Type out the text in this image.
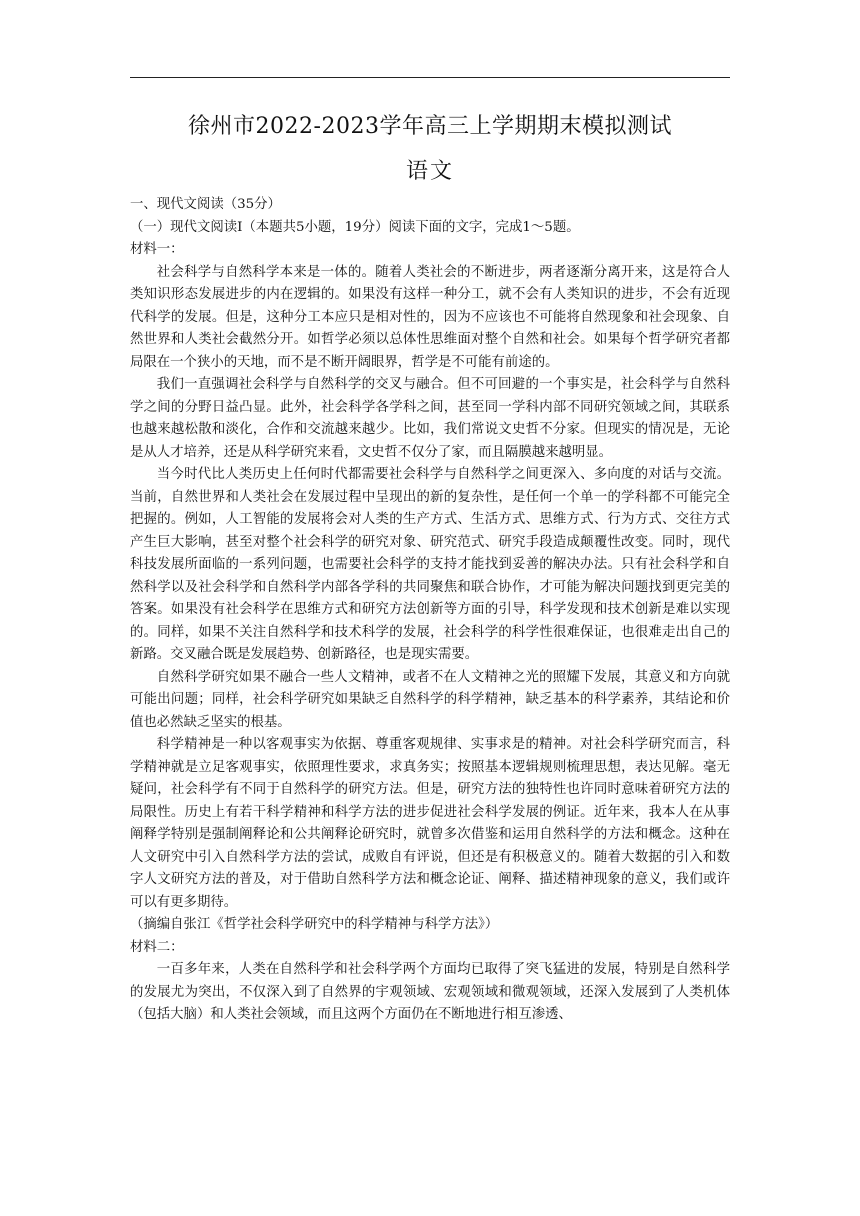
徐州市2022-2023学年高三上学期期末模拟测试
语文

一、现代文阅读（35分）

（一）现代文阅读Ⅰ（本题共5小题，19分）阅读下面的文字，完成1～5题。

材料一：

社会科学与自然科学本来是一体的。随着人类社会的不断进步，两者逐渐分离开来，这是符合人类知识形态发展进步的内在逻辑的。如果没有这样一种分工，就不会有人类知识的进步，不会有近现代科学的发展。但是，这种分工本应只是相对性的，因为不应该也不可能将自然现象和社会现象、自然世界和人类社会截然分开。如哲学必须以总体性思维面对整个自然和社会。如果每个哲学研究者都局限在一个狭小的天地，而不是不断开阔眼界，哲学是不可能有前途的。

我们一直强调社会科学与自然科学的交叉与融合。但不可回避的一个事实是，社会科学与自然科学之间的分野日益凸显。此外，社会科学各学科之间，甚至同一学科内部不同研究领域之间，其联系也越来越松散和淡化，合作和交流越来越少。比如，我们常说文史哲不分家。但现实的情况是，无论是从人才培养，还是从科学研究来看，文史哲不仅分了家，而且隔膜越来越明显。

当今时代比人类历史上任何时代都需要社会科学与自然科学之间更深入、多向度的对话与交流。当前，自然世界和人类社会在发展过程中呈现出的新的复杂性，是任何一个单一的学科都不可能完全把握的。例如，人工智能的发展将会对人类的生产方式、生活方式、思维方式、行为方式、交往方式产生巨大影响，甚至对整个社会科学的研究对象、研究范式、研究手段造成颠覆性改变。同时，现代科技发展所面临的一系列问题，也需要社会科学的支持才能找到妥善的解决办法。只有社会科学和自然科学以及社会科学和自然科学内部各学科的共同聚焦和联合协作，才可能为解决问题找到更完美的答案。如果没有社会科学在思维方式和研究方法创新等方面的引导，科学发现和技术创新是难以实现的。同样，如果不关注自然科学和技术科学的发展，社会科学的科学性很难保证，也很难走出自己的新路。交叉融合既是发展趋势、创新路径，也是现实需要。

自然科学研究如果不融合一些人文精神，或者不在人文精神之光的照耀下发展，其意义和方向就可能出问题；同样，社会科学研究如果缺乏自然科学的科学精神，缺乏基本的科学素养，其结论和价值也必然缺乏坚实的根基。

科学精神是一种以客观事实为依据、尊重客观规律、实事求是的精神。对社会科学研究而言，科学精神就是立足客观事实，依照理性要求，求真务实；按照基本逻辑规则梳理思想，表达见解。毫无疑问，社会科学有不同于自然科学的研究方法。但是，研究方法的独特性也许同时意味着研究方法的局限性。历史上有若干科学精神和科学方法的进步促进社会科学发展的例证。近年来，我本人在从事阐释学特别是强制阐释论和公共阐释论研究时，就曾多次借鉴和运用自然科学的方法和概念。这种在人文研究中引入自然科学方法的尝试，成败自有评说，但还是有积极意义的。随着大数据的引入和数字人文研究方法的普及，对于借助自然科学方法和概念论证、阐释、描述精神现象的意义，我们或许可以有更多期待。

（摘编自张江《哲学社会科学研究中的科学精神与科学方法》）

材料二：

一百多年来，人类在自然科学和社会科学两个方面均已取得了突飞猛进的发展，特别是自然科学的发展尤为突出，不仅深入到了自然界的宇观领域、宏观领域和微观领域，还深入发展到了人类机体（包括大脑）和人类社会领域，而且这两个方面仍在不断地进行相互渗透、
